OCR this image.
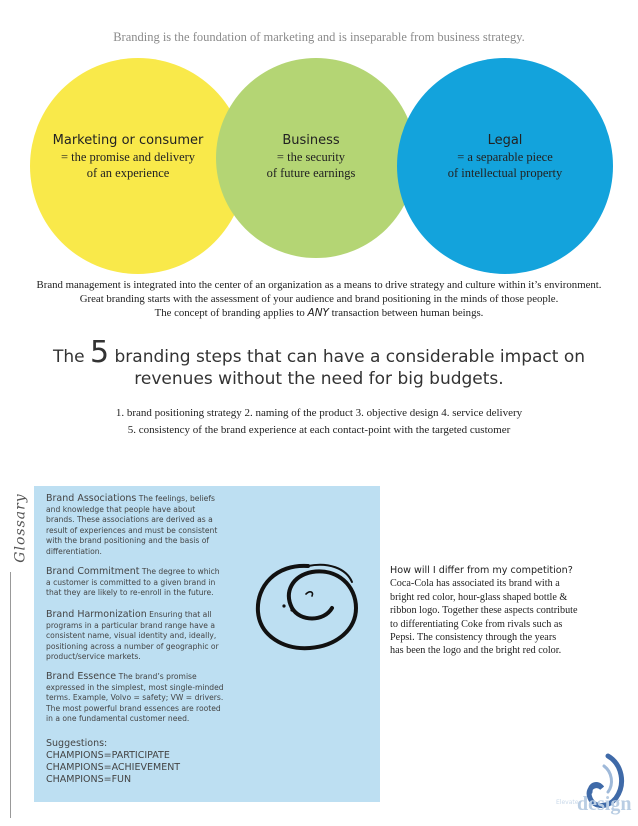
Branding is the foundation of marketing and is inseparable from business strategy.
Marketing or consumer
= the promise and delivery
of an experience
Business
= the security
of future earnings
Legal
= a separable piece
of intellectual property
Brand management is integrated into the center of an organization as a means to drive strategy and culture within it’s environment.
Great branding starts with the assessment of your audience and brand positioning in the minds of those people.
The concept of branding applies to ANY transaction between human beings.
The 5 branding steps that can have a considerable impact on
revenues without the need for big budgets.
1. brand positioning strategy 2. naming of the product 3. objective design 4. service delivery
5. consistency of the brand experience at each contact-point with the targeted customer
Glossary Brand Associations The feelings, beliefs
and knowledge that people have about
brands. These associations are derived as a
result of experiences and must be consistent
with the brand positioning and the basis of
differentiation.
Brand Commitment The degree to which
a customer is committed to a given brand in
that they are likely to re-enroll in the future.
Brand Harmonization Ensuring that all
programs in a particular brand range have a
consistent name, visual identity and, ideally,
positioning across a number of geographic or
product/service markets.
Brand Essence The brand’s promise
expressed in the simplest, most single-minded
terms. Example, Volvo = safety; VW = drivers.
The most powerful brand essences are rooted
in a one fundamental customer need.
Suggestions:
CHAMPIONS=PARTICIPATE
CHAMPIONS=ACHIEVEMENT
CHAMPIONS=FUN
How will I differ from my competition?
Coca-Cola has associated its brand with a
bright red color, hour-glass shaped bottle &
ribbon logo. Together these aspects contribute
to differentiating Coke from rivals such as
Pepsi. The consistency through the years
has been the logo and the bright red color.
Elevate
design
